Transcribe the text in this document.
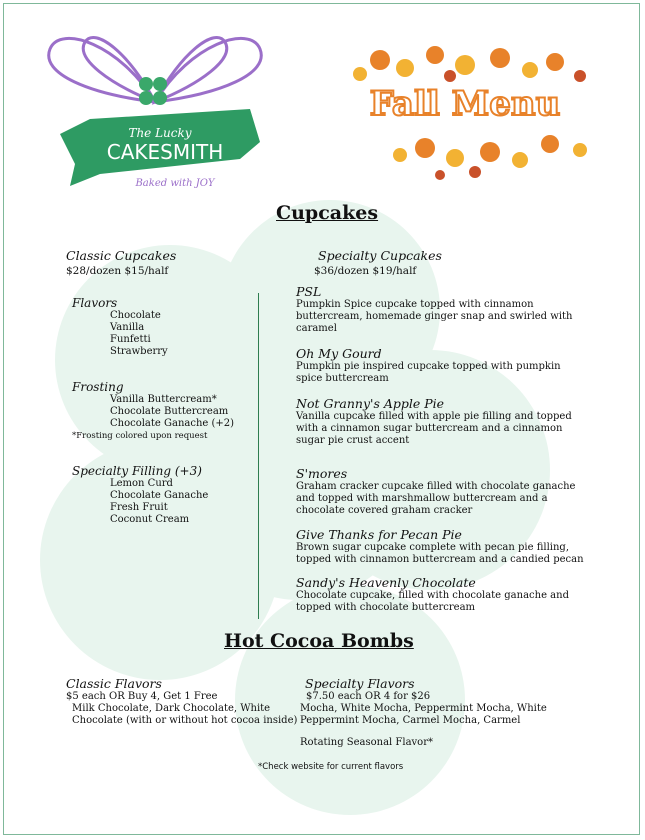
The Lucky
CAKESMITH
Baked with JOY
Fall Menu
Cupcakes
Classic Cupcakes
$28/dozen $15/half
Specialty Cupcakes
$36/dozen $19/half
Flavors
Chocolate
Vanilla
Funfetti
Strawberry
Frosting
Vanilla Buttercream*
Chocolate Buttercream
Chocolate Ganache (+2)
*Frosting colored upon request
Specialty Filling (+3)
Lemon Curd
Chocolate Ganache
Fresh Fruit
Coconut Cream
PSL
Pumpkin Spice cupcake topped with cinnamon
buttercream, homemade ginger snap and swirled with
caramel
Oh My Gourd
Pumpkin pie inspired cupcake topped with pumpkin
spice buttercream
Not Granny's Apple Pie
Vanilla cupcake filled with apple pie filling and topped
with a cinnamon sugar buttercream and a cinnamon
sugar pie crust accent
S'mores
Graham cracker cupcake filled with chocolate ganache
and topped with marshmallow buttercream and a
chocolate covered graham cracker
Give Thanks for Pecan Pie
Brown sugar cupcake complete with pecan pie filling,
topped with cinnamon buttercream and a candied pecan
Sandy's Heavenly Chocolate
Chocolate cupcake, filled with chocolate ganache and
topped with chocolate buttercream
Hot Cocoa Bombs
Classic Flavors
$5 each OR Buy 4, Get 1 Free
Milk Chocolate, Dark Chocolate, White
Chocolate (with or without hot cocoa inside)
Specialty Flavors
$7.50 each OR 4 for $26
Mocha, White Mocha, Peppermint Mocha, White
Peppermint Mocha, Carmel Mocha, Carmel
Rotating Seasonal Flavor*
*Check website for current flavors
